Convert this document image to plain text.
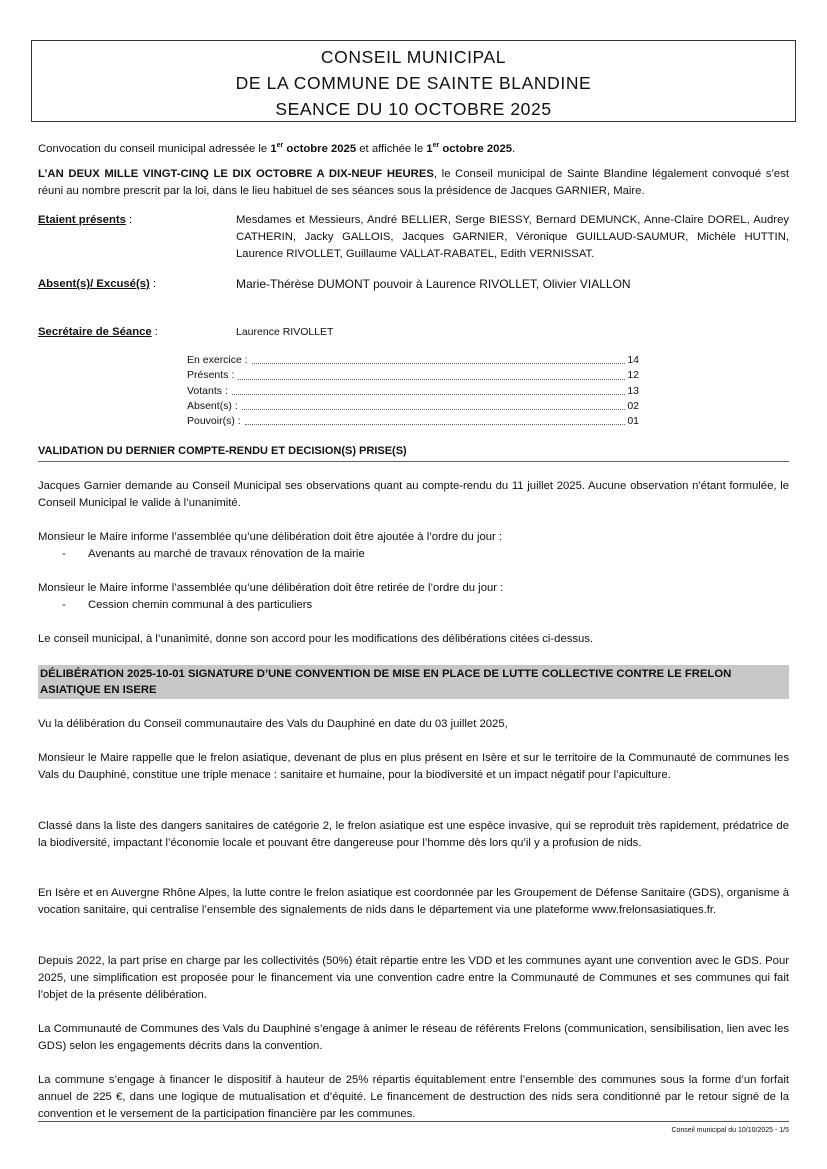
CONSEIL MUNICIPAL
DE LA COMMUNE DE SAINTE BLANDINE
SEANCE DU 10 OCTOBRE 2025
Convocation du conseil municipal adressée le 1er octobre 2025 et affichée le 1er octobre 2025.
L’AN DEUX MILLE VINGT-CINQ LE DIX OCTOBRE A DIX-NEUF HEURES, le Conseil municipal de Sainte Blandine légalement convoqué s’est réuni au nombre prescrit par la loi, dans le lieu habituel de ses séances sous la présidence de Jacques GARNIER, Maire.
Etaient présents :	Mesdames et Messieurs, André BELLIER, Serge BIESSY, Bernard DEMUNCK, Anne-Claire DOREL, Audrey CATHERIN, Jacky GALLOIS, Jacques GARNIER, Véronique GUILLAUD-SAUMUR, Michèle HUTTIN, Laurence RIVOLLET, Guillaume VALLAT-RABATEL, Edith VERNISSAT.
Absent(s)/ Excusé(s) :	Marie-Thérèse DUMONT pouvoir à Laurence RIVOLLET, Olivier VIALLON
Secrétaire de Séance :	Laurence RIVOLLET
En exercice :	14
Présents :	12
Votants :	13
Absent(s) :	02
Pouvoir(s) :	01
VALIDATION DU DERNIER COMPTE-RENDU ET DECISION(S) PRISE(S)
Jacques Garnier demande au Conseil Municipal ses observations quant au compte-rendu du 11 juillet 2025. Aucune observation n'étant formulée, le Conseil Municipal le valide à l’unanimité.
Monsieur le Maire informe l’assemblée qu’une délibération doit être ajoutée à l’ordre du jour :
- Avenants au marché de travaux rénovation de la mairie
Monsieur le Maire informe l’assemblée qu’une délibération doit être retirée de l’ordre du jour :
- Cession chemin communal à des particuliers
Le conseil municipal, à l’unanimité, donne son accord pour les modifications des délibérations citées ci-dessus.
DÉLIBÉRATION 2025-10-01 SIGNATURE D’UNE CONVENTION DE MISE EN PLACE DE LUTTE COLLECTIVE CONTRE LE FRELON ASIATIQUE EN ISERE
Vu la délibération du Conseil communautaire des Vals du Dauphiné en date du 03 juillet 2025,
Monsieur le Maire rappelle que le frelon asiatique, devenant de plus en plus présent en Isère et sur le territoire de la Communauté de communes les Vals du Dauphiné, constitue une triple menace : sanitaire et humaine, pour la biodiversité et un impact négatif pour l’apiculture.
Classé dans la liste des dangers sanitaires de catégorie 2, le frelon asiatique est une espèce invasive, qui se reproduit très rapidement, prédatrice de la biodiversité, impactant l’économie locale et pouvant être dangereuse pour l’homme dès lors qu’il y a profusion de nids.
En Isère et en Auvergne Rhône Alpes, la lutte contre le frelon asiatique est coordonnée par les Groupement de Défense Sanitaire (GDS), organisme à vocation sanitaire, qui centralise l’ensemble des signalements de nids dans le département via une plateforme www.frelonsasiatiques.fr.
Depuis 2022, la part prise en charge par les collectivités (50%) était répartie entre les VDD et les communes ayant une convention avec le GDS. Pour 2025, une simplification est proposée pour le financement via une convention cadre entre la Communauté de Communes et ses communes qui fait l’objet de la présente délibération.
La Communauté de Communes des Vals du Dauphiné s’engage à animer le réseau de référents Frelons (communication, sensibilisation, lien avec les GDS) selon les engagements décrits dans la convention.
La commune s’engage à financer le dispositif à hauteur de 25% répartis équitablement entre l’ensemble des communes sous la forme d’un forfait annuel de 225 €, dans une logique de mutualisation et d’équité. Le financement de destruction des nids sera conditionné par le retour signé de la convention et le versement de la participation financière par les communes.
Conseil municipal du 10/10/2025 - 1/5
